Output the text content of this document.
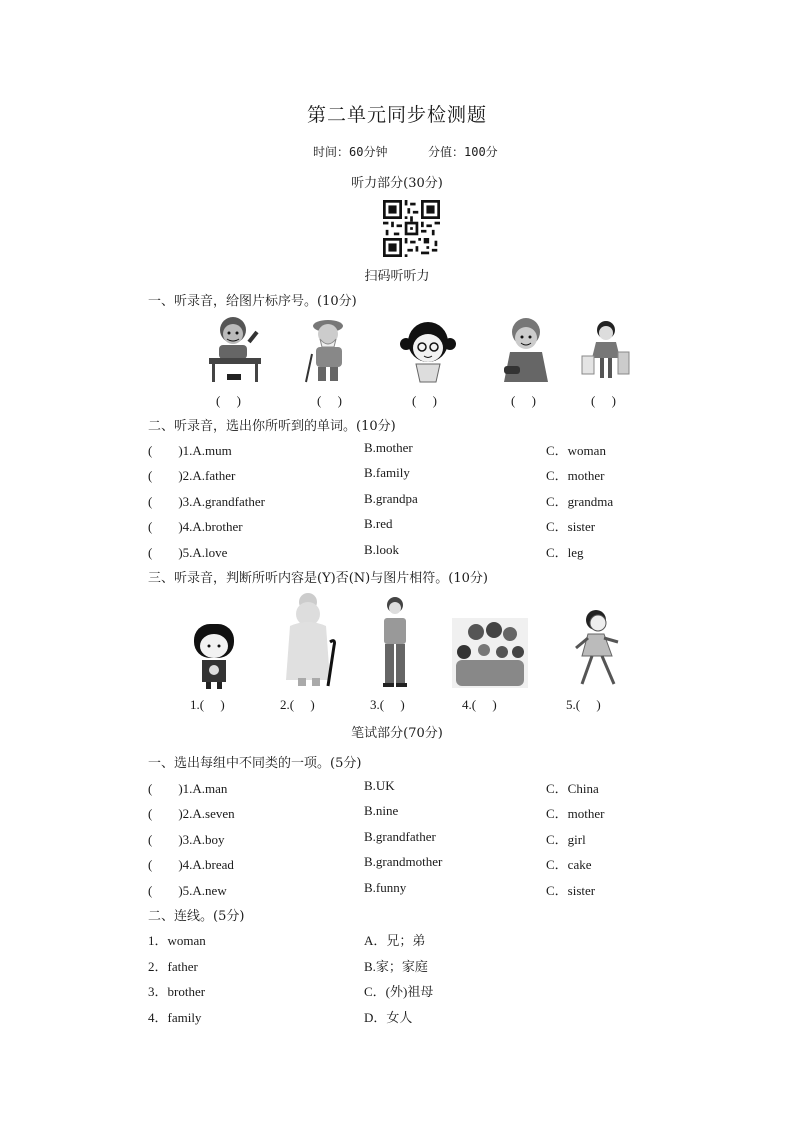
第二单元同步检测题
时间：60分钟	分值：100分
听力部分(30分)
扫码听听力
一、听录音，给图片标序号。(10分)
(　 )	(　 )	(　 )	(　 )	(　 )
二、听录音，选出你所听到的单词。(10分)
(　　)1.A.mum	B.mother	C．woman
(　　)2.A.father	B.family	C．mother
(　　)3.A.grandfather	B.grandpa	C．grandma
(　　)4.A.brother	B.red	C．sister
(　　)5.A.love	B.look	C．leg
三、听录音，判断所听内容是(Y)否(N)与图片相符。(10分)
1.(　 )	2.(　 )	3.(　 )	4.(　 )	5.(　 )
笔试部分(70分)
一、选出每组中不同类的一项。(5分)
(　　)1.A.man	B.UK	C．China
(　　)2.A.seven	B.nine	C．mother
(　　)3.A.boy	B.grandfather	C．girl
(　　)4.A.bread	B.grandmother	C．cake
(　　)5.A.new	B.funny	C．sister
二、连线。(5分)
1．woman	A．兄；弟
2．father	B.家；家庭
3．brother	C．(外)祖母
4．family	D．女人
